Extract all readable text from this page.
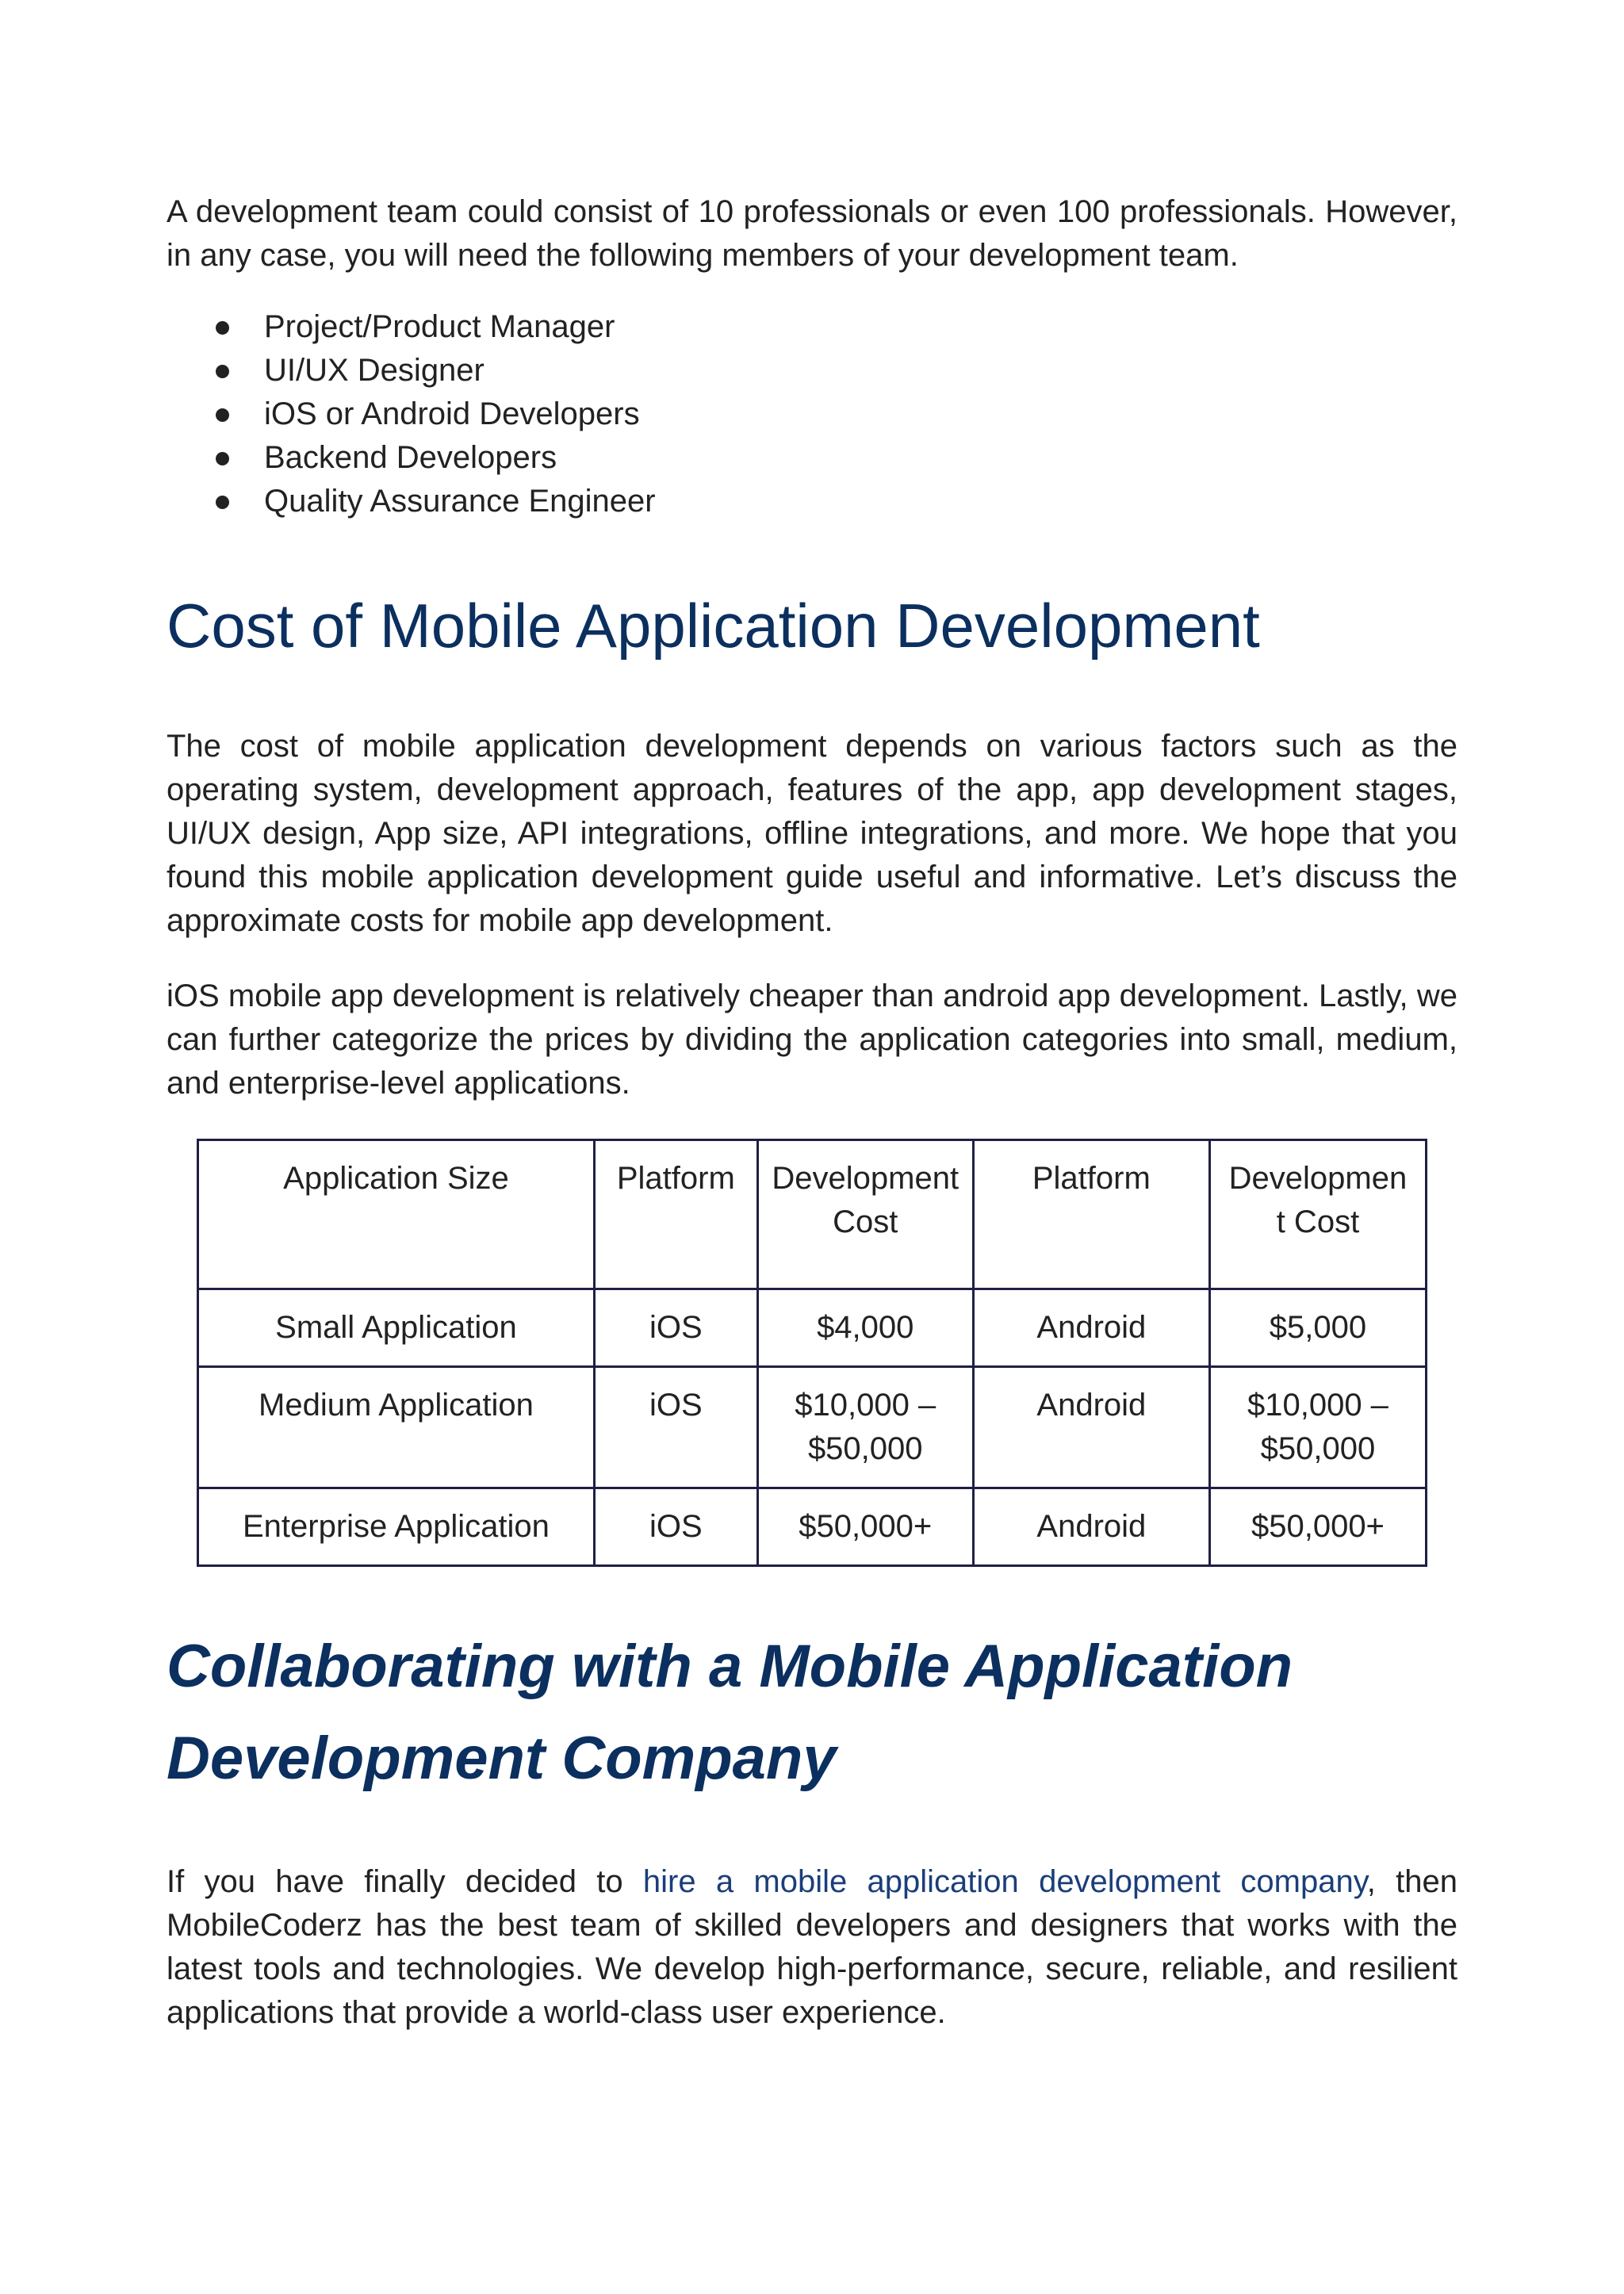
A development team could consist of 10 professionals or even 100 professionals. However, in any case, you will need the following members of your development team.

Project/Product Manager
UI/UX Designer
iOS or Android Developers
Backend Developers
Quality Assurance Engineer
Cost of Mobile Application Development

The cost of mobile application development depends on various factors such as the operating system, development approach, features of the app, app development stages, UI/UX design, App size, API integrations, offline integrations, and more. We hope that you found this mobile application development guide useful and informative. Let’s discuss the approximate costs for mobile app development.

iOS mobile app development is relatively cheaper than android app development. Lastly, we can further categorize the prices by dividing the application categories into small, medium, and enterprise-level applications.

Application Size	Platform	Development Cost	Platform	Developmen t Cost
Small Application	iOS	$4,000	Android	$5,000
Medium Application	iOS	$10,000 – $50,000	Android	$10,000 – $50,000
Enterprise Application	iOS	$50,000+	Android	$50,000+
Collaborating with a Mobile Application Development Company

If you have finally decided to hire a mobile application development company, then MobileCoderz has the best team of skilled developers and designers that works with the latest tools and technologies. We develop high-performance, secure, reliable, and resilient applications that provide a world-class user experience.
